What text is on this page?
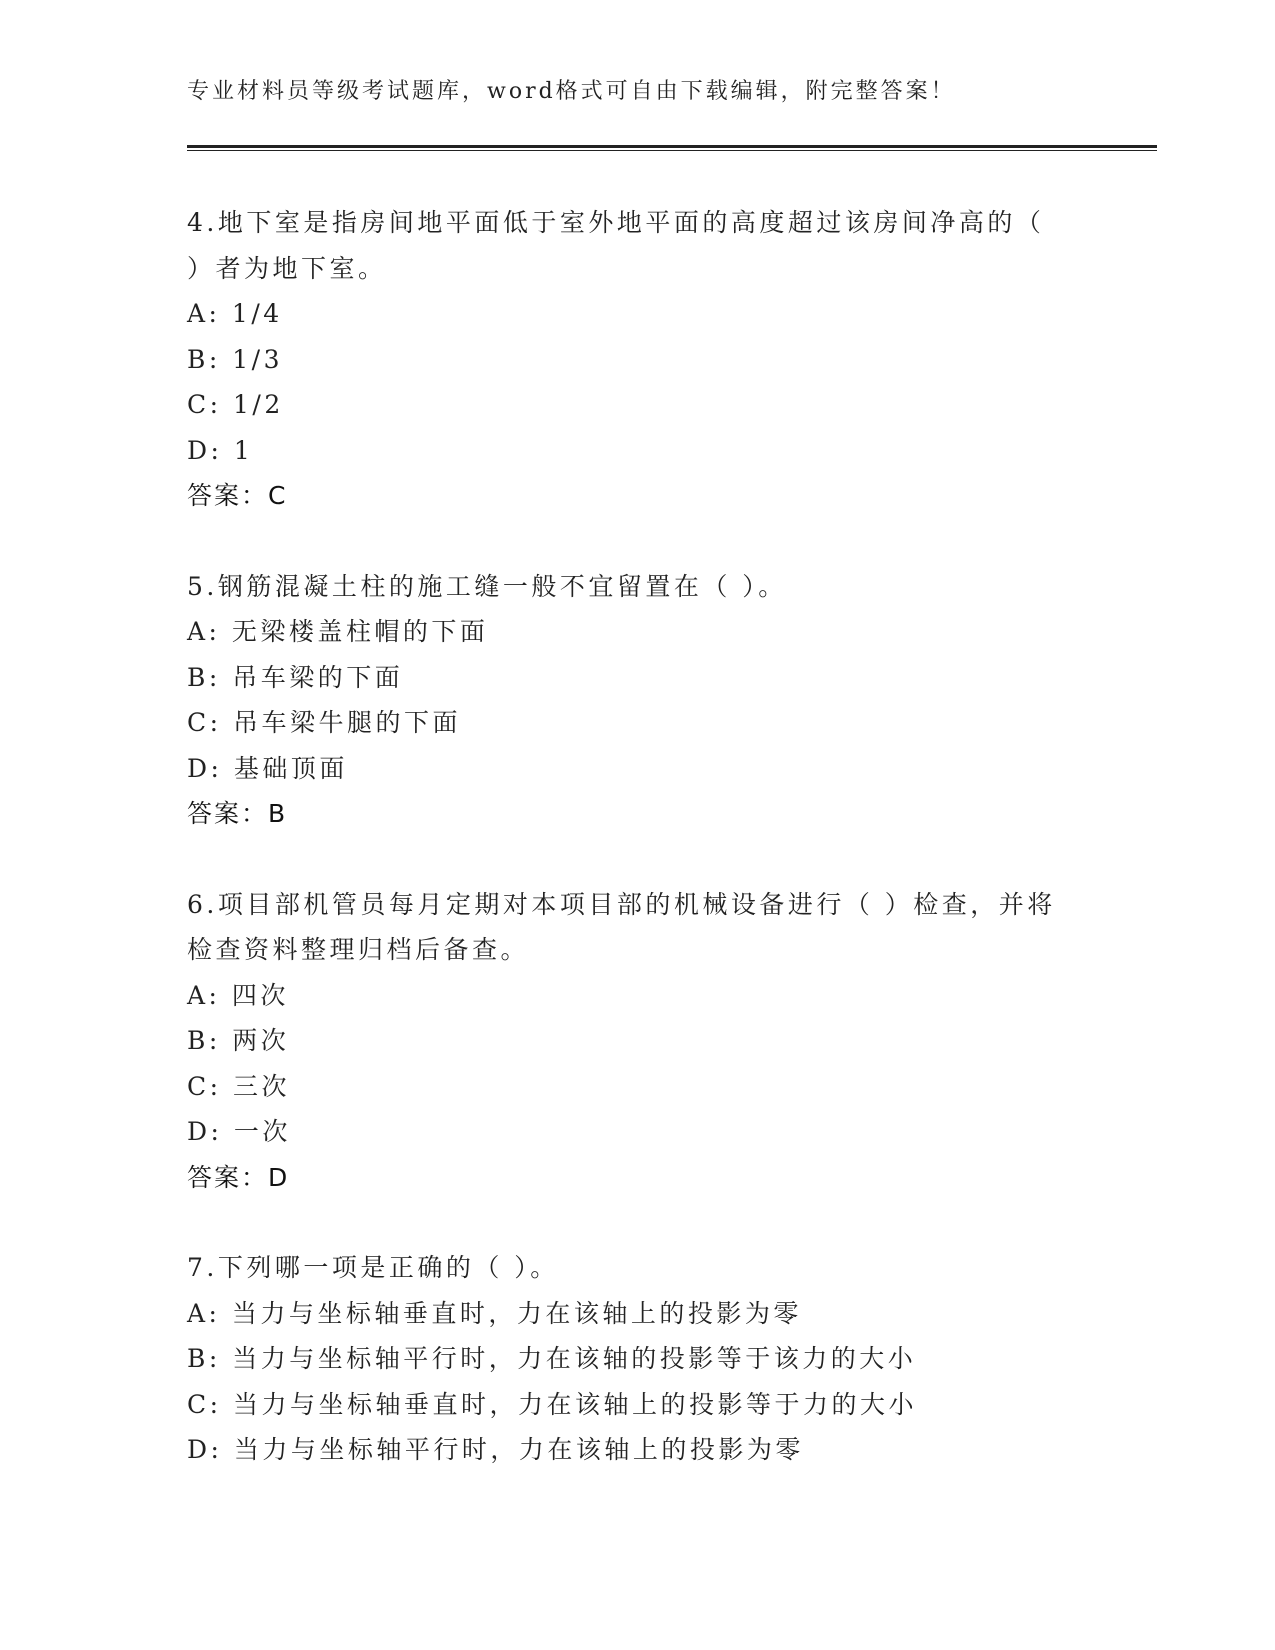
专业材料员等级考试题库，word格式可自由下载编辑，附完整答案！
4.地下室是指房间地平面低于室外地平面的高度超过该房间净高的（
）者为地下室。
A: 1/4
B: 1/3
C: 1/2
D: 1
答案：C
5.钢筋混凝土柱的施工缝一般不宜留置在（ ）。
A: 无梁楼盖柱帽的下面
B: 吊车梁的下面
C: 吊车梁牛腿的下面
D: 基础顶面
答案：B
6.项目部机管员每月定期对本项目部的机械设备进行（ ）检查，并将
检查资料整理归档后备查。
A: 四次
B: 两次
C: 三次
D: 一次
答案：D
7.下列哪一项是正确的（ ）。
A: 当力与坐标轴垂直时，力在该轴上的投影为零
B: 当力与坐标轴平行时，力在该轴的投影等于该力的大小
C: 当力与坐标轴垂直时，力在该轴上的投影等于力的大小
D: 当力与坐标轴平行时，力在该轴上的投影为零
